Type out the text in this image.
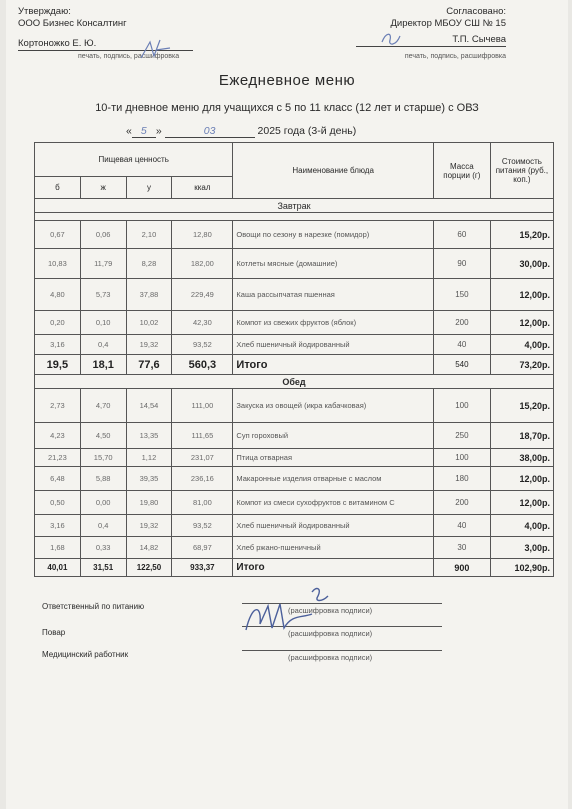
Утверждаю:
ООО Бизнес Консалтинг
Кортоножко Е. Ю.
печать, подпись, расшифровка
Согласовано:
Директор МБОУ СШ № 15
Т.П. Сычева
печать, подпись, расшифровка
Ежедневное меню
10-ти дневное меню для учащихся с 5 по 11 класс (12 лет и старше) с ОВЗ
« 5 »	03	2025 года (3-й день)
Пищевая ценность				Наименование блюда	Масса порции (г)	Стоимость питания (руб., коп.)
б	ж	у	ккал			
Завтрак						

0,67	0,06	2,10	12,80	Овощи по сезону в нарезке (помидор)	60	15,20р.
10,83	11,79	8,28	182,00	Котлеты мясные (домашние)	90	30,00р.
4,80	5,73	37,88	229,49	Каша рассыпчатая пшенная	150	12,00р.
0,20	0,10	10,02	42,30	Компот из свежих фруктов (яблок)	200	12,00р.
3,16	0,4	19,32	93,52	Хлеб пшеничный йодированный	40	4,00р.
19,5	18,1	77,6	560,3	Итого	540	73,20р.
Обед						
2,73	4,70	14,54	111,00	Закуска из овощей (икра кабачковая)	100	15,20р.
4,23	4,50	13,35	111,65	Суп гороховый	250	18,70р.
21,23	15,70	1,12	231,07	Птица отварная	100	38,00р.
6,48	5,88	39,35	236,16	Макаронные изделия отварные с маслом	180	12,00р.
0,50	0,00	19,80	81,00	Компот из смеси сухофруктов с витамином С	200	12,00р.
3,16	0,4	19,32	93,52	Хлеб пшеничный йодированный	40	4,00р.
1,68	0,33	14,82	68,97	Хлеб ржано-пшеничный	30	3,00р.
40,01	31,51	122,50	933,37	Итого	900	102,90р.
Ответственный по питанию	(расшифровка подписи)
Повар	(расшифровка подписи)
Медицинский работник	(расшифровка подписи)
